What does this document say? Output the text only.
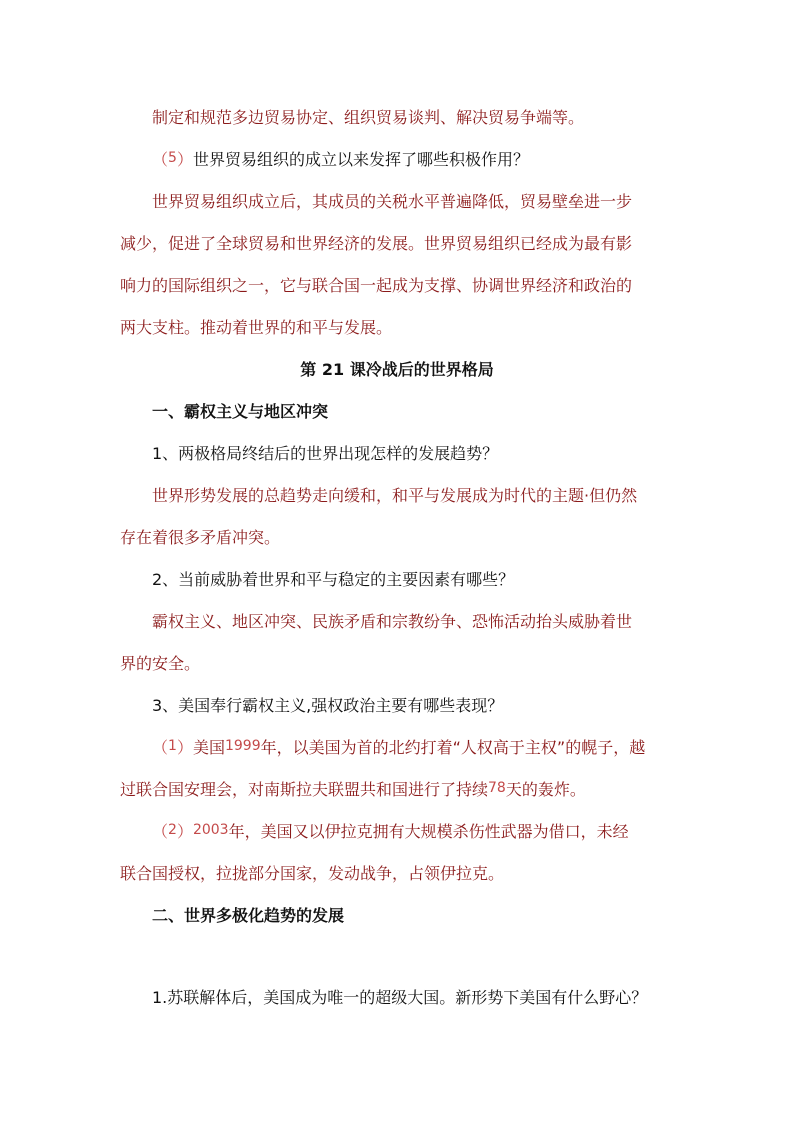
制定和规范多边贸易协定、组织贸易谈判、解决贸易争端等。
（5）世界贸易组织的成立以来发挥了哪些积极作用？
世界贸易组织成立后，其成员的关税水平普遍降低，贸易壁垒进一步
减少，促进了全球贸易和世界经济的发展。世界贸易组织已经成为最有影
响力的国际组织之一，它与联合国一起成为支撑、协调世界经济和政治的
两大支柱。推动着世界的和平与发展。
第 21 课冷战后的世界格局
一、霸权主义与地区冲突
1、两极格局终结后的世界出现怎样的发展趋势？
世界形势发展的总趋势走向缓和，和平与发展成为时代的主题·但仍然
存在着很多矛盾冲突。
2、当前威胁着世界和平与稳定的主要因素有哪些？
霸权主义、地区冲突、民族矛盾和宗教纷争、恐怖活动抬头威胁着世
界的安全。
3、美国奉行霸权主义,强权政治主要有哪些表现？
（1）美国1999年，以美国为首的北约打着“人权高于主权”的幌子，越
过联合国安理会，对南斯拉夫联盟共和国进行了持续78天的轰炸。
（2）2003年，美国又以伊拉克拥有大规模杀伤性武器为借口，未经
联合国授权，拉拢部分国家，发动战争，占领伊拉克。
二、世界多极化趋势的发展
1.苏联解体后，美国成为唯一的超级大国。新形势下美国有什么野心？
